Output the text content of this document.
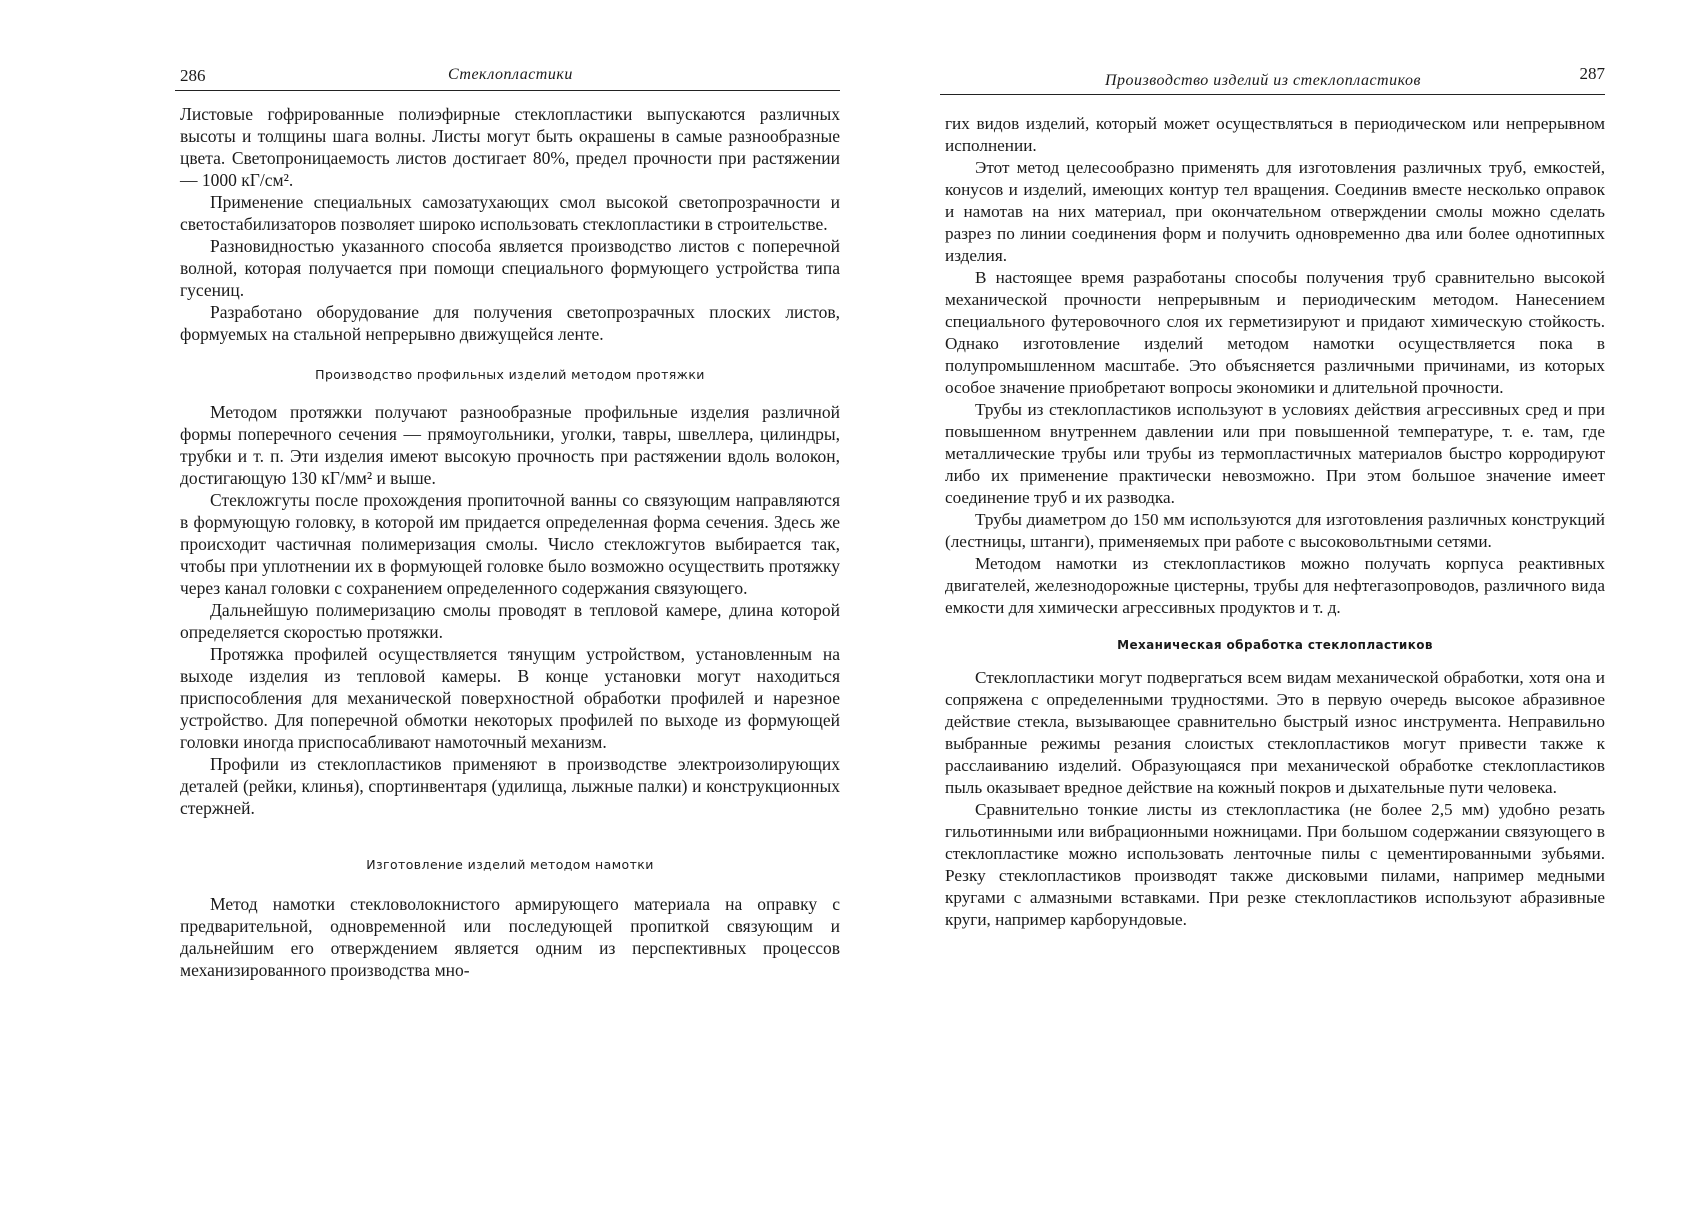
286	Стеклопластики

Листовые гофрированные полиэфирные стеклопластики выпускаются различных высоты и толщины шага волны. Листы могут быть окрашены в самые разнообразные цвета. Светопроницаемость листов достигает 80%, предел прочности при растяжении — 1000 кГ/см².

Применение специальных самозатухающих смол высокой светопрозрачности и светостабилизаторов позволяет широко использовать стеклопластики в строительстве.

Разновидностью указанного способа является производство листов с поперечной волной, которая получается при помощи специального формующего устройства типа гусениц.

Разработано оборудование для получения светопрозрачных плоских листов, формуемых на стальной непрерывно движущейся ленте.

Производство профильных изделий методом протяжки

Методом протяжки получают разнообразные профильные изделия различной формы поперечного сечения — прямоугольники, уголки, тавры, швеллера, цилиндры, трубки и т. п. Эти изделия имеют высокую прочность при растяжении вдоль волокон, достигающую 130 кГ/мм² и выше.

Стекложгуты после прохождения пропиточной ванны со связующим направляются в формующую головку, в которой им придается определенная форма сечения. Здесь же происходит частичная полимеризация смолы. Число стекложгутов выбирается так, чтобы при уплотнении их в формующей головке было возможно осуществить протяжку через канал головки с сохранением определенного содержания связующего.

Дальнейшую полимеризацию смолы проводят в тепловой камере, длина которой определяется скоростью протяжки.

Протяжка профилей осуществляется тянущим устройством, установленным на выходе изделия из тепловой камеры. В конце установки могут находиться приспособления для механической поверхностной обработки профилей и нарезное устройство. Для поперечной обмотки некоторых профилей по выходе из формующей головки иногда приспосабливают намоточный механизм.

Профили из стеклопластиков применяют в производстве электроизолирующих деталей (рейки, клинья), спортинвентаря (удилища, лыжные палки) и конструкционных стержней.

Изготовление изделий методом намотки

Метод намотки стекловолокнистого армирующего материала на оправку с предварительной, одновременной или последующей пропиткой связующим и дальнейшим его отверждением является одним из перспективных процессов механизированного производства мно-

Производство изделий из стеклопластиков	287

гих видов изделий, который может осуществляться в периодическом или непрерывном исполнении.

Этот метод целесообразно применять для изготовления различных труб, емкостей, конусов и изделий, имеющих контур тел вращения. Соединив вместе несколько оправок и намотав на них материал, при окончательном отверждении смолы можно сделать разрез по линии соединения форм и получить одновременно два или более однотипных изделия.

В настоящее время разработаны способы получения труб сравнительно высокой механической прочности непрерывным и периодическим методом. Нанесением специального футеровочного слоя их герметизируют и придают химическую стойкость. Однако изготовление изделий методом намотки осуществляется пока в полупромышленном масштабе. Это объясняется различными причинами, из которых особое значение приобретают вопросы экономики и длительной прочности.

Трубы из стеклопластиков используют в условиях действия агрессивных сред и при повышенном внутреннем давлении или при повышенной температуре, т. е. там, где металлические трубы или трубы из термопластичных материалов быстро корродируют либо их применение практически невозможно. При этом большое значение имеет соединение труб и их разводка.

Трубы диаметром до 150 мм используются для изготовления различных конструкций (лестницы, штанги), применяемых при работе с высоковольтными сетями.

Методом намотки из стеклопластиков можно получать корпуса реактивных двигателей, железнодорожные цистерны, трубы для нефтегазопроводов, различного вида емкости для химически агрессивных продуктов и т. д.

Механическая обработка стеклопластиков

Стеклопластики могут подвергаться всем видам механической обработки, хотя она и сопряжена с определенными трудностями. Это в первую очередь высокое абразивное действие стекла, вызывающее сравнительно быстрый износ инструмента. Неправильно выбранные режимы резания слоистых стеклопластиков могут привести также к расслаиванию изделий. Образующаяся при механической обработке стеклопластиков пыль оказывает вредное действие на кожный покров и дыхательные пути человека.

Сравнительно тонкие листы из стеклопластика (не более 2,5 мм) удобно резать гильотинными или вибрационными ножницами. При большом содержании связующего в стеклопластике можно использовать ленточные пилы с цементированными зубьями. Резку стеклопластиков производят также дисковыми пилами, например медными кругами с алмазными вставками. При резке стеклопластиков используют абразивные круги, например карборундовые.
